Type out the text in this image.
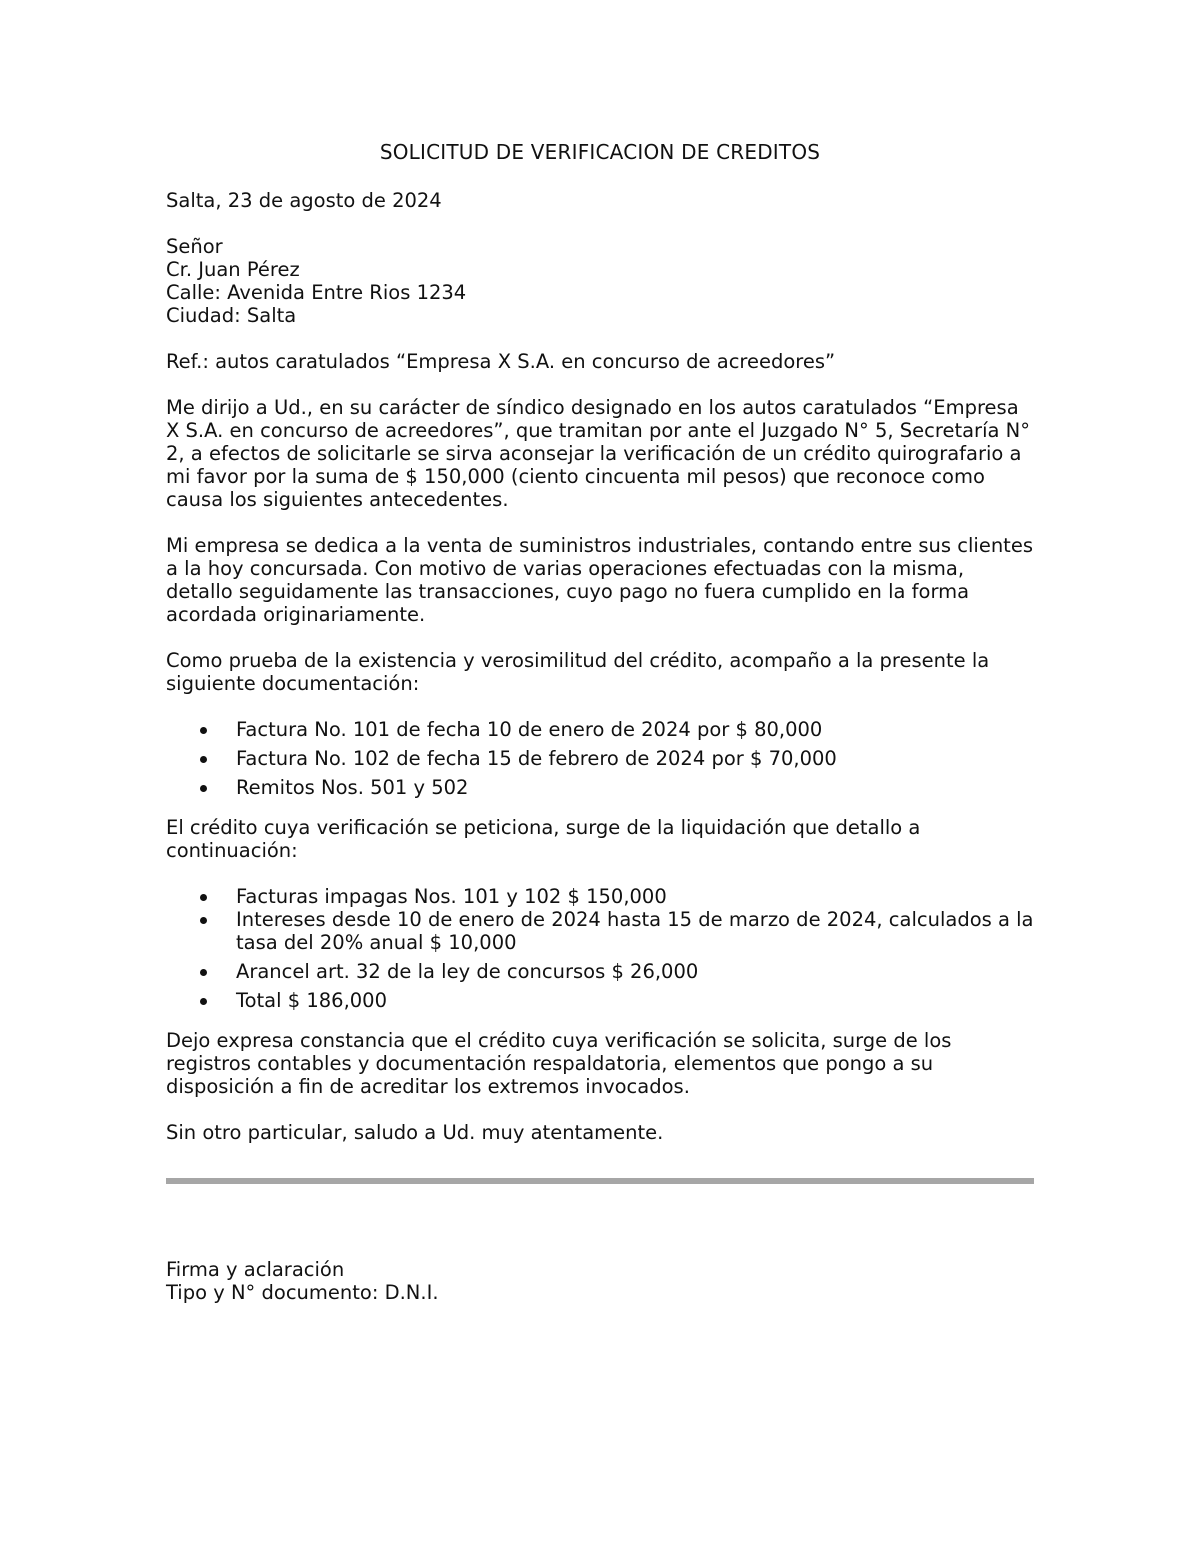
SOLICITUD DE VERIFICACION DE CREDITOS

Salta, 23 de agosto de 2024

Señor
Cr. Juan Pérez
Calle: Avenida Entre Rios 1234
Ciudad: Salta

Ref.: autos caratulados “Empresa X S.A. en concurso de acreedores”

Me dirijo a Ud., en su carácter de síndico designado en los autos caratulados “Empresa X S.A. en concurso de acreedores”, que tramitan por ante el Juzgado N° 5, Secretaría N° 2, a efectos de solicitarle se sirva aconsejar la verificación de un crédito quirografario a mi favor por la suma de $ 150,000 (ciento cincuenta mil pesos) que reconoce como causa los siguientes antecedentes.

Mi empresa se dedica a la venta de suministros industriales, contando entre sus clientes a la hoy concursada. Con motivo de varias operaciones efectuadas con la misma, detallo seguidamente las transacciones, cuyo pago no fuera cumplido en la forma acordada originariamente.

Como prueba de la existencia y verosimilitud del crédito, acompaño a la presente la siguiente documentación:

Factura No. 101 de fecha 10 de enero de 2024 por $ 80,000
Factura No. 102 de fecha 15 de febrero de 2024 por $ 70,000
Remitos Nos. 501 y 502

El crédito cuya verificación se peticiona, surge de la liquidación que detallo a continuación:

Facturas impagas Nos. 101 y 102 $ 150,000
Intereses desde 10 de enero de 2024 hasta 15 de marzo de 2024, calculados a la tasa del 20% anual $ 10,000
Arancel art. 32 de la ley de concursos $ 26,000
Total $ 186,000

Dejo expresa constancia que el crédito cuya verificación se solicita, surge de los registros contables y documentación respaldatoria, elementos que pongo a su disposición a fin de acreditar los extremos invocados.

Sin otro particular, saludo a Ud. muy atentamente.

Firma y aclaración
Tipo y N° documento: D.N.I.
